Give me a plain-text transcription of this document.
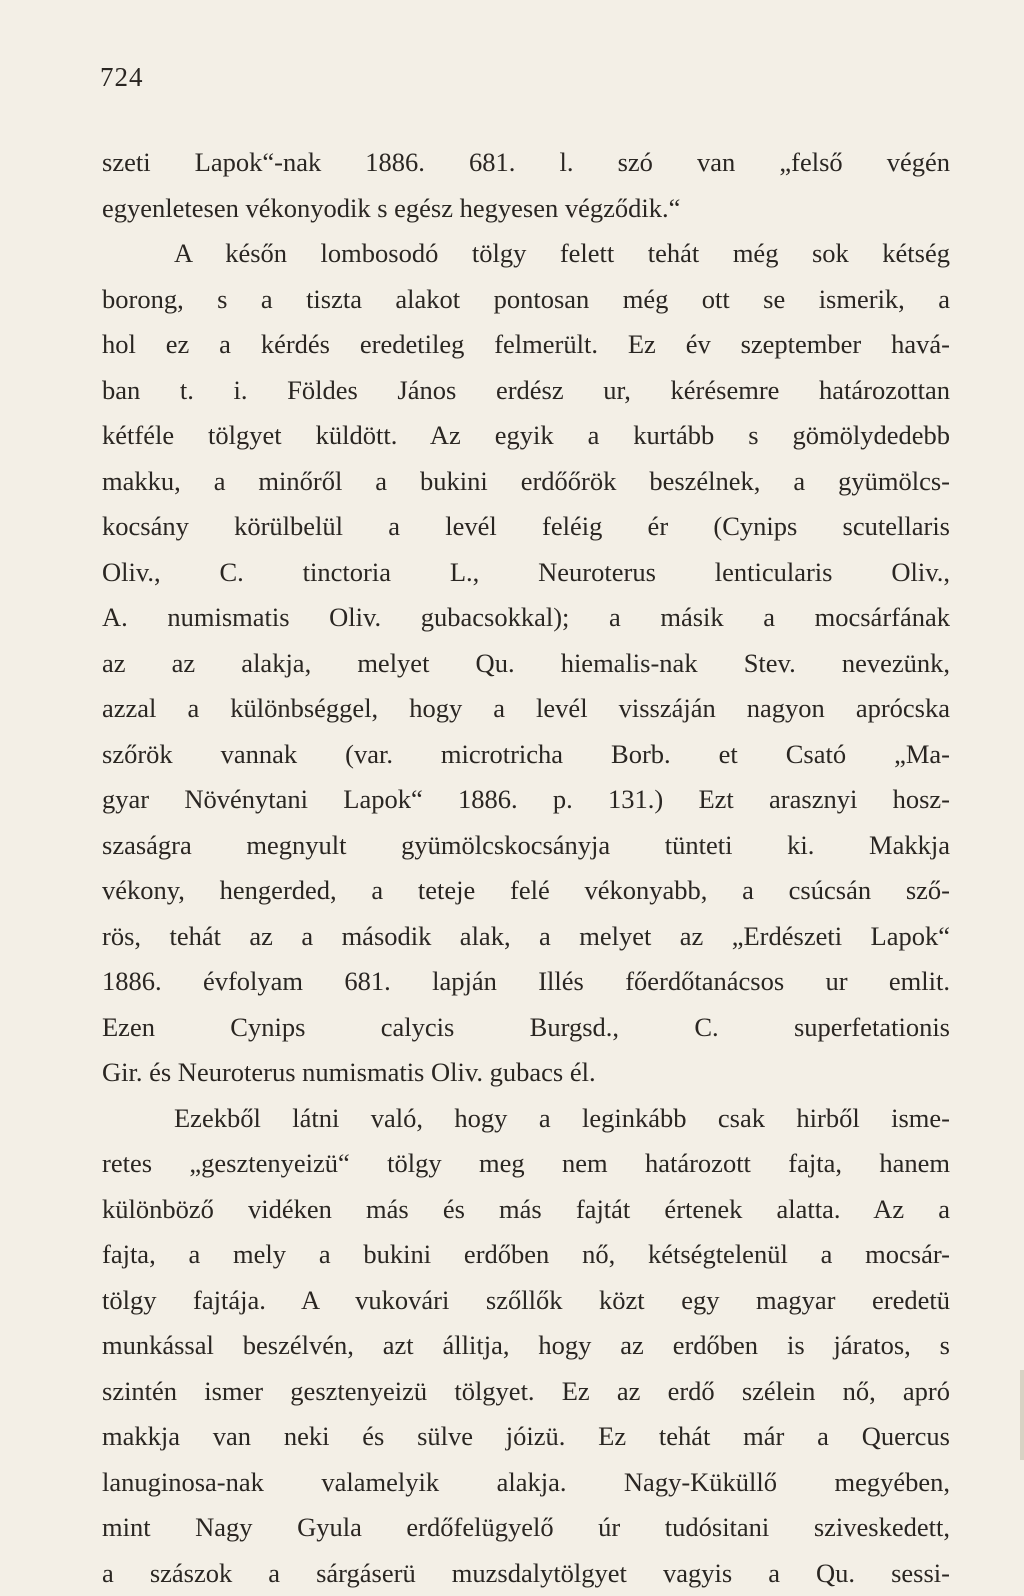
724
szeti Lapok“-nak 1886. 681. l. szó van „felső végén
egyenletesen vékonyodik s egész hegyesen végződik.“
A későn lombosodó tölgy felett tehát még sok kétség
borong, s a tiszta alakot pontosan még ott se ismerik, a
hol ez a kérdés eredetileg felmerült. Ez év szeptember havá-
ban t. i. Földes János erdész ur, kérésemre határozottan
kétféle tölgyet küldött. Az egyik a kurtább s gömölydedebb
makku, a minőről a bukini erdőőrök beszélnek, a gyümölcs-
kocsány körülbelül a levél feléig ér (Cynips scutellaris
Oliv., C. tinctoria L., Neuroterus lenticularis Oliv.,
A. numismatis Oliv. gubacsokkal); a másik a mocsárfának
az az alakja, melyet Qu. hiemalis-nak Stev. nevezünk,
azzal a különbséggel, hogy a levél visszáján nagyon aprócska
szőrök vannak (var. microtricha Borb. et Csató „Ma-
gyar Növénytani Lapok“ 1886. p. 131.) Ezt arasznyi hosz-
szaságra megnyult gyümölcskocsányja tünteti ki. Makkja
vékony, hengerded, a teteje felé vékonyabb, a csúcsán sző-
rös, tehát az a második alak, a melyet az „Erdészeti Lapok“
1886. évfolyam 681. lapján Illés főerdőtanácsos ur emlit.
Ezen Cynips calycis Burgsd., C. superfetationis
Gir. és Neuroterus numismatis Oliv. gubacs él.
Ezekből látni való, hogy a leginkább csak hirből isme-
retes „gesztenyeizü“ tölgy meg nem határozott fajta, hanem
különböző vidéken más és más fajtát értenek alatta. Az a
fajta, a mely a bukini erdőben nő, kétségtelenül a mocsár-
tölgy fajtája. A vukovári szőllők közt egy magyar eredetü
munkással beszélvén, azt állitja, hogy az erdőben is járatos, s
szintén ismer gesztenyeizü tölgyet. Ez az erdő szélein nő, apró
makkja van neki és sülve jóizü. Ez tehát már a Quercus
lanuginosa-nak valamelyik alakja. Nagy-Küküllő megyében,
mint Nagy Gyula erdőfelügyelő úr tudósitani sziveskedett,
a szászok a sárgáserü muzsdalytölgyet vagyis a Qu. sessi-
